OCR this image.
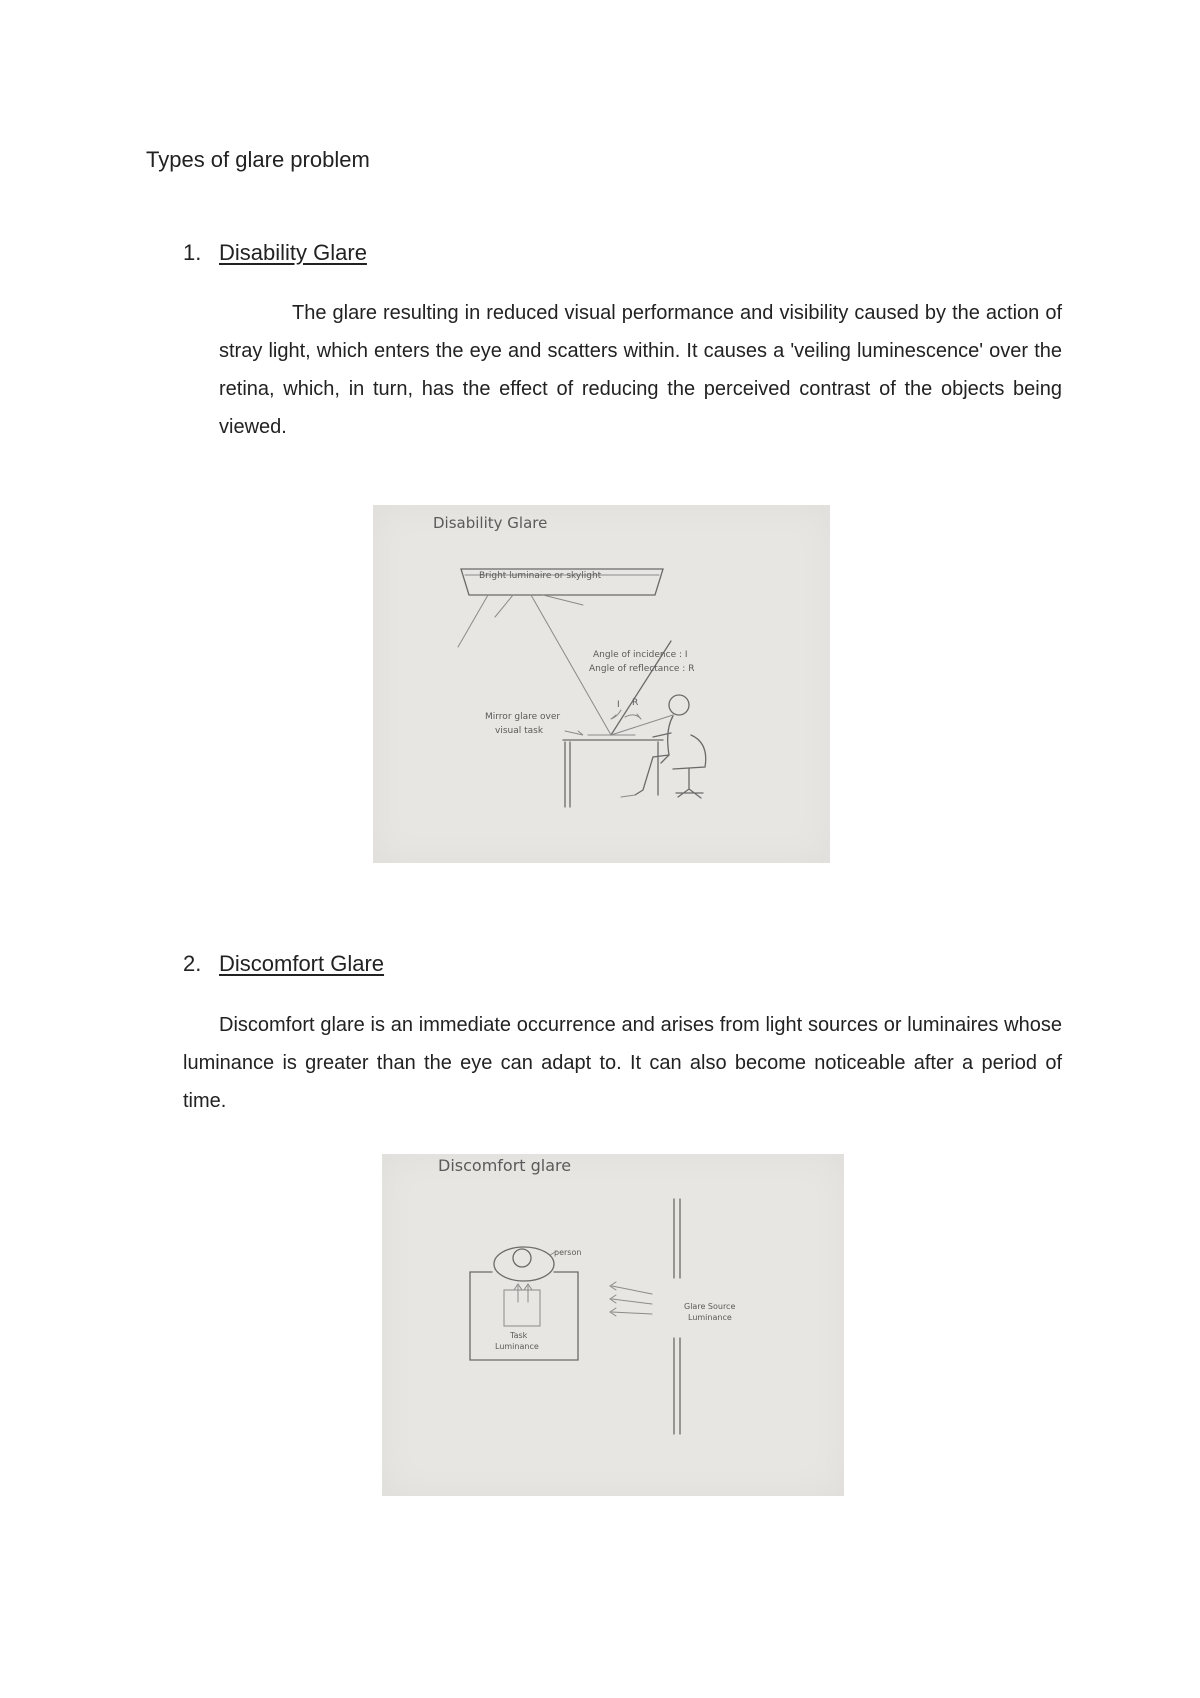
Types of glare problem
1. Disability Glare

The glare resulting in reduced visual performance and visibility caused by the action of stray light, which enters the eye and scatters within. It causes a 'veiling luminescence' over the retina, which, in turn, has the effect of reducing the perceived contrast of the objects being viewed.

Disability Glare
Bright luminaire or skylight
Angle of incidence : I
Angle of reflectance : R
I R
Mirror glare over
visual task
2. Discomfort Glare

Discomfort glare is an immediate occurrence and arises from light sources or luminaires whose luminance is greater than the eye can adapt to. It can also become noticeable after a period of time.

Discomfort glare
person
Task
Luminance
Glare Source
Luminance
